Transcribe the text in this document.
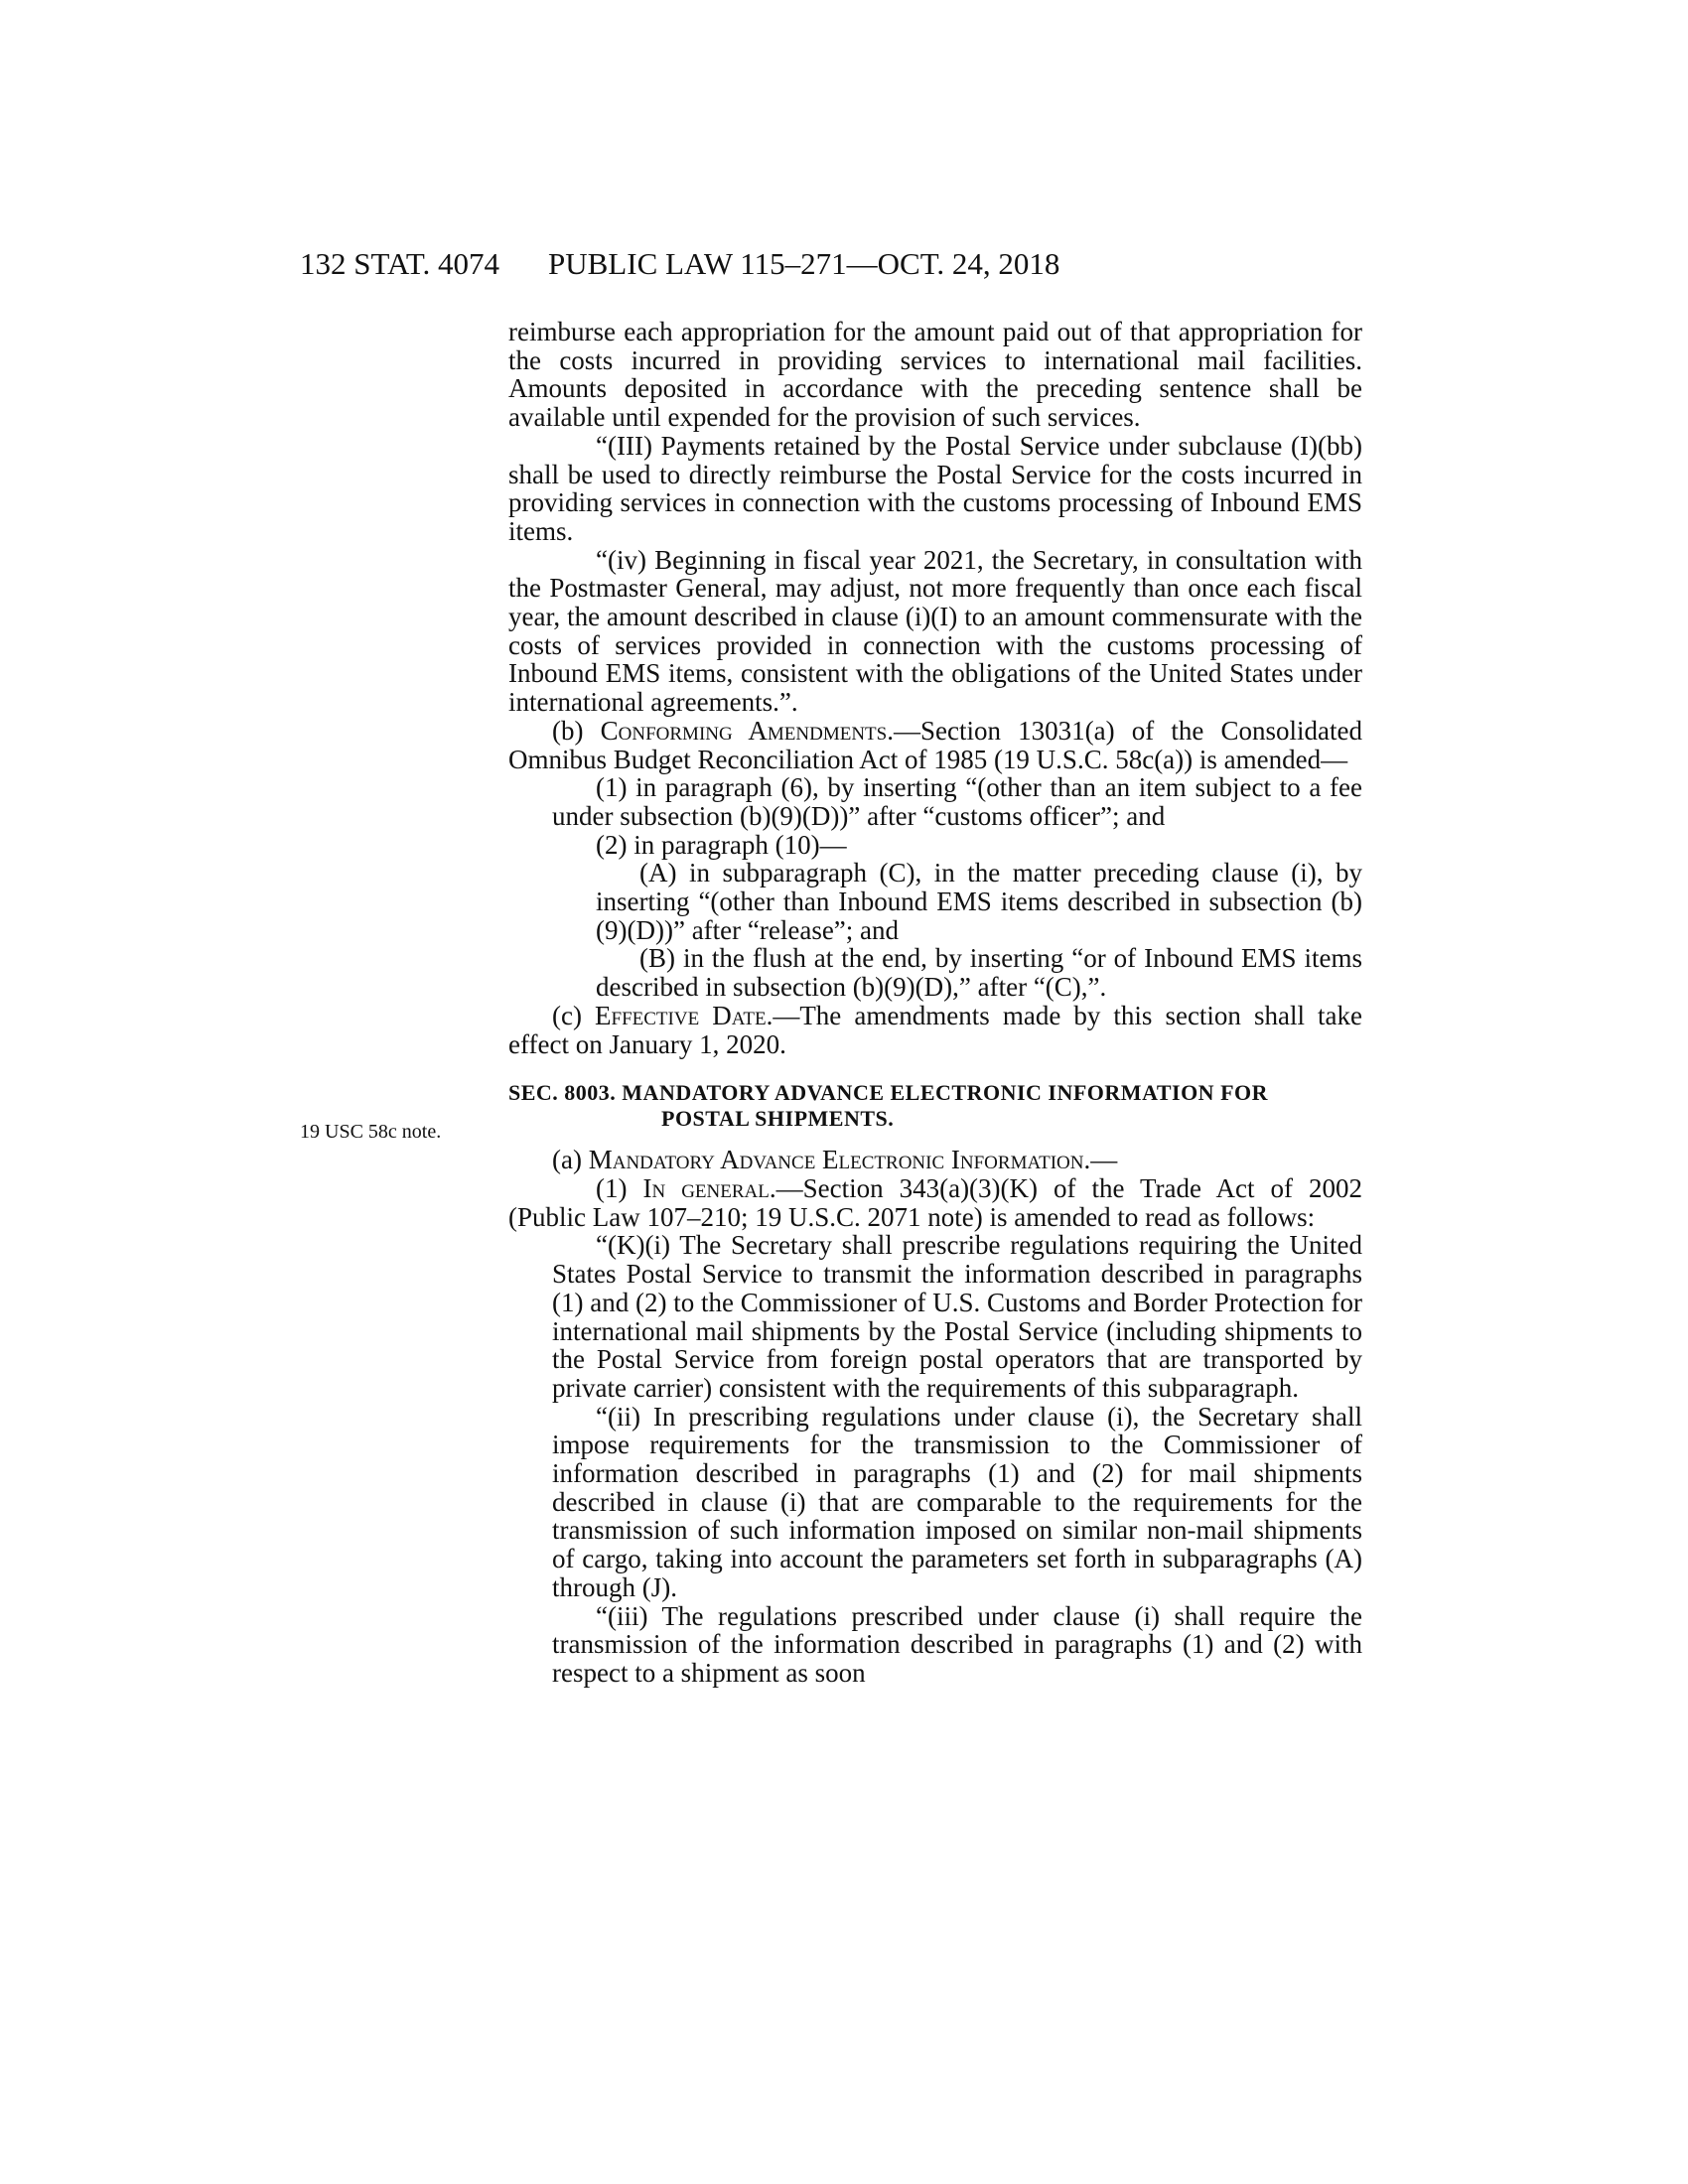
132 STAT. 4074 PUBLIC LAW 115–271—OCT. 24, 2018
19 USC 58c note.

reimburse each appropriation for the amount paid out of that appropriation for the costs incurred in providing services to international mail facilities. Amounts deposited in accordance with the preceding sentence shall be available until expended for the provision of such services.

“(III) Payments retained by the Postal Service under subclause (I)(bb) shall be used to directly reimburse the Postal Service for the costs incurred in providing services in connection with the customs processing of Inbound EMS items.

“(iv) Beginning in fiscal year 2021, the Secretary, in consultation with the Postmaster General, may adjust, not more frequently than once each fiscal year, the amount described in clause (i)(I) to an amount commensurate with the costs of services provided in connection with the customs processing of Inbound EMS items, consistent with the obligations of the United States under international agreements.”.

(b) Conforming Amendments.—Section 13031(a) of the Consolidated Omnibus Budget Reconciliation Act of 1985 (19 U.S.C. 58c(a)) is amended—

(1) in paragraph (6), by inserting “(other than an item subject to a fee under subsection (b)(9)(D))” after “customs officer”; and

(2) in paragraph (10)—

(A) in subparagraph (C), in the matter preceding clause (i), by inserting “(other than Inbound EMS items described in subsection (b)(9)(D))” after “release”; and

(B) in the flush at the end, by inserting “or of Inbound EMS items described in subsection (b)(9)(D),” after “(C),”.

(c) Effective Date.—The amendments made by this section shall take effect on January 1, 2020.

SEC. 8003. MANDATORY ADVANCE ELECTRONIC INFORMATION FOR
POSTAL SHIPMENTS.

(a) Mandatory Advance Electronic Information.—

(1) In general.—Section 343(a)(3)(K) of the Trade Act of 2002 (Public Law 107–210; 19 U.S.C. 2071 note) is amended to read as follows:

“(K)(i) The Secretary shall prescribe regulations requiring the United States Postal Service to transmit the information described in paragraphs (1) and (2) to the Commissioner of U.S. Customs and Border Protection for international mail shipments by the Postal Service (including shipments to the Postal Service from foreign postal operators that are transported by private carrier) consistent with the requirements of this subparagraph.

“(ii) In prescribing regulations under clause (i), the Secretary shall impose requirements for the transmission to the Commissioner of information described in paragraphs (1) and (2) for mail shipments described in clause (i) that are comparable to the requirements for the transmission of such information imposed on similar non-mail shipments of cargo, taking into account the parameters set forth in subparagraphs (A) through (J).

“(iii) The regulations prescribed under clause (i) shall require the transmission of the information described in paragraphs (1) and (2) with respect to a shipment as soon
